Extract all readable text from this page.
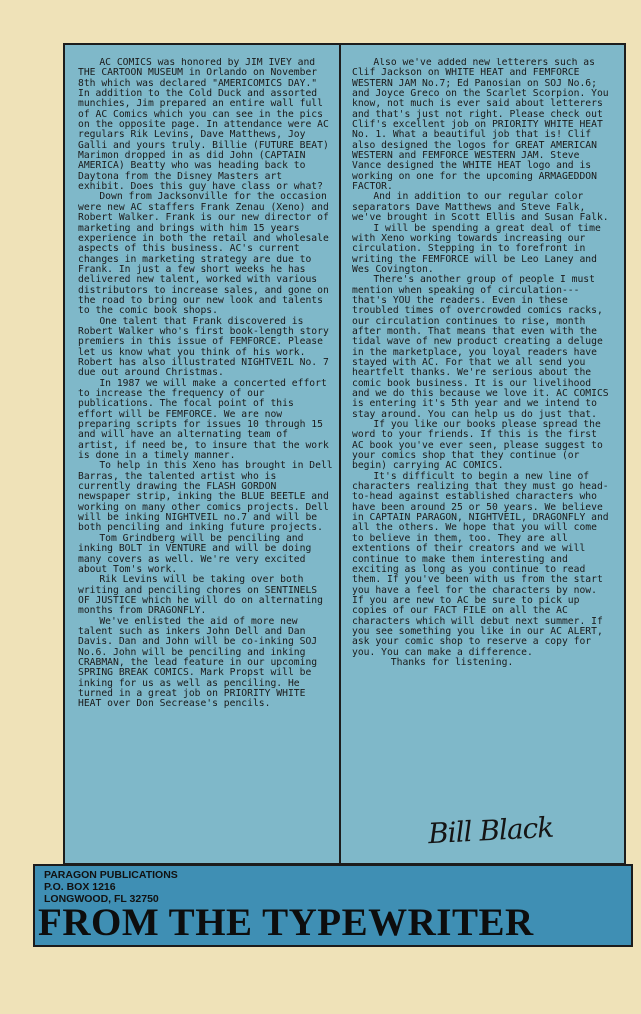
AC COMICS was honored by JIM IVEY and THE CARTOON MUSEUM in Orlando on November 8th which was declared "AMERICOMICS DAY." In addition to the Cold Duck and assorted munchies, Jim prepared an entire wall full of AC Comics which you can see in the pics on the opposite page. In attendance were AC regulars Rik Levins, Dave Matthews, Joy Galli and yours truly. Billie (FUTURE BEAT) Marimon dropped in as did John (CAPTAIN AMERICA) Beatty who was heading back to Daytona from the Disney Masters art exhibit. Does this guy have class or what?

Down from Jacksonville for the occasion were new AC staffers Frank Zenau (Xeno) and Robert Walker. Frank is our new director of marketing and brings with him 15 years experience in both the retail and wholesale aspects of this business. AC's current changes in marketing strategy are due to Frank. In just a few short weeks he has delivered new talent, worked with various distributors to increase sales, and gone on the road to bring our new look and talents to the comic book shops.

One talent that Frank discovered is Robert Walker who's first book-length story premiers in this issue of FEMFORCE. Please let us know what you think of his work. Robert has also illustrated NIGHTVEIL No. 7 due out around Christmas.

In 1987 we will make a concerted effort to increase the frequency of our publications. The focal point of this effort will be FEMFORCE. We are now preparing scripts for issues 10 through 15 and will have an alternating team of artist, if need be, to insure that the work is done in a timely manner.

To help in this Xeno has brought in Dell Barras, the talented artist who is currently drawing the FLASH GORDON newspaper strip, inking the BLUE BEETLE and working on many other comics projects. Dell will be inking NIGHTVEIL no.7 and will be both penciling and inking future projects.

Tom Grindberg will be penciling and inking BOLT in VENTURE and will be doing many covers as well. We're very excited about Tom's work.

Rik Levins will be taking over both writing and penciling chores on SENTINELS OF JUSTICE which he will do on alternating months from DRAGONFLY.

We've enlisted the aid of more new talent such as inkers John Dell and Dan Davis. Dan and John will be co-inking SOJ No.6. John will be penciling and inking CRABMAN, the lead feature in our upcoming SPRING BREAK COMICS. Mark Propst will be inking for us as well as penciling. He turned in a great job on PRIORITY WHITE HEAT over Don Secrease's pencils.

Also we've added new letterers such as Clif Jackson on WHITE HEAT and FEMFORCE WESTERN JAM No.7; Ed Panosian on SOJ No.6; and Joyce Greco on the Scarlet Scorpion. You know, not much is ever said about letterers and that's just not right. Please check out Clif's excellent job on PRIORITY WHITE HEAT No. 1. What a beautiful job that is! Clif also designed the logos for GREAT AMERICAN WESTERN and FEMFORCE WESTERN JAM. Steve Vance designed the WHITE HEAT logo and is working on one for the upcoming ARMAGEDDON FACTOR.

And in addition to our regular color separators Dave Matthews and Steve Falk, we've brought in Scott Ellis and Susan Falk.

I will be spending a great deal of time with Xeno working towards increasing our circulation. Stepping in to forefront in writing the FEMFORCE will be Leo Laney and Wes Covington.

There's another group of people I must mention when speaking of circulation--- that's YOU the readers. Even in these troubled times of overcrowded comics racks, our circulation continues to rise, month after month. That means that even with the tidal wave of new product creating a deluge in the marketplace, you loyal readers have stayed with AC. For that we all send you heartfelt thanks. We're serious about the comic book business. It is our livelihood and we do this because we love it. AC COMICS is entering it's 5th year and we intend to stay around. You can help us do just that.

If you like our books please spread the word to your friends. If this is the first AC book you've ever seen, please suggest to your comics shop that they continue (or begin) carrying AC COMICS.

It's difficult to begin a new line of characters realizing that they must go head-to-head against established characters who have been around 25 or 50 years. We believe in CAPTAIN PARAGON, NIGHTVEIL, DRAGONFLY and all the others. We hope that you will come to believe in them, too. They are all extentions of their creators and we will continue to make them interesting and exciting as long as you continue to read them. If you've been with us from the start you have a feel for the characters by now. If you are new to AC be sure to pick up copies of our FACT FILE on all the AC characters which will debut next summer. If you see something you like in our AC ALERT, ask your comic shop to reserve a copy for you. You can make a difference.

Thanks for listening.

Bill Black
PARAGON PUBLICATIONS
P.O. BOX 1216
LONGWOOD, FL 32750
FROM THE TYPEWRITER
